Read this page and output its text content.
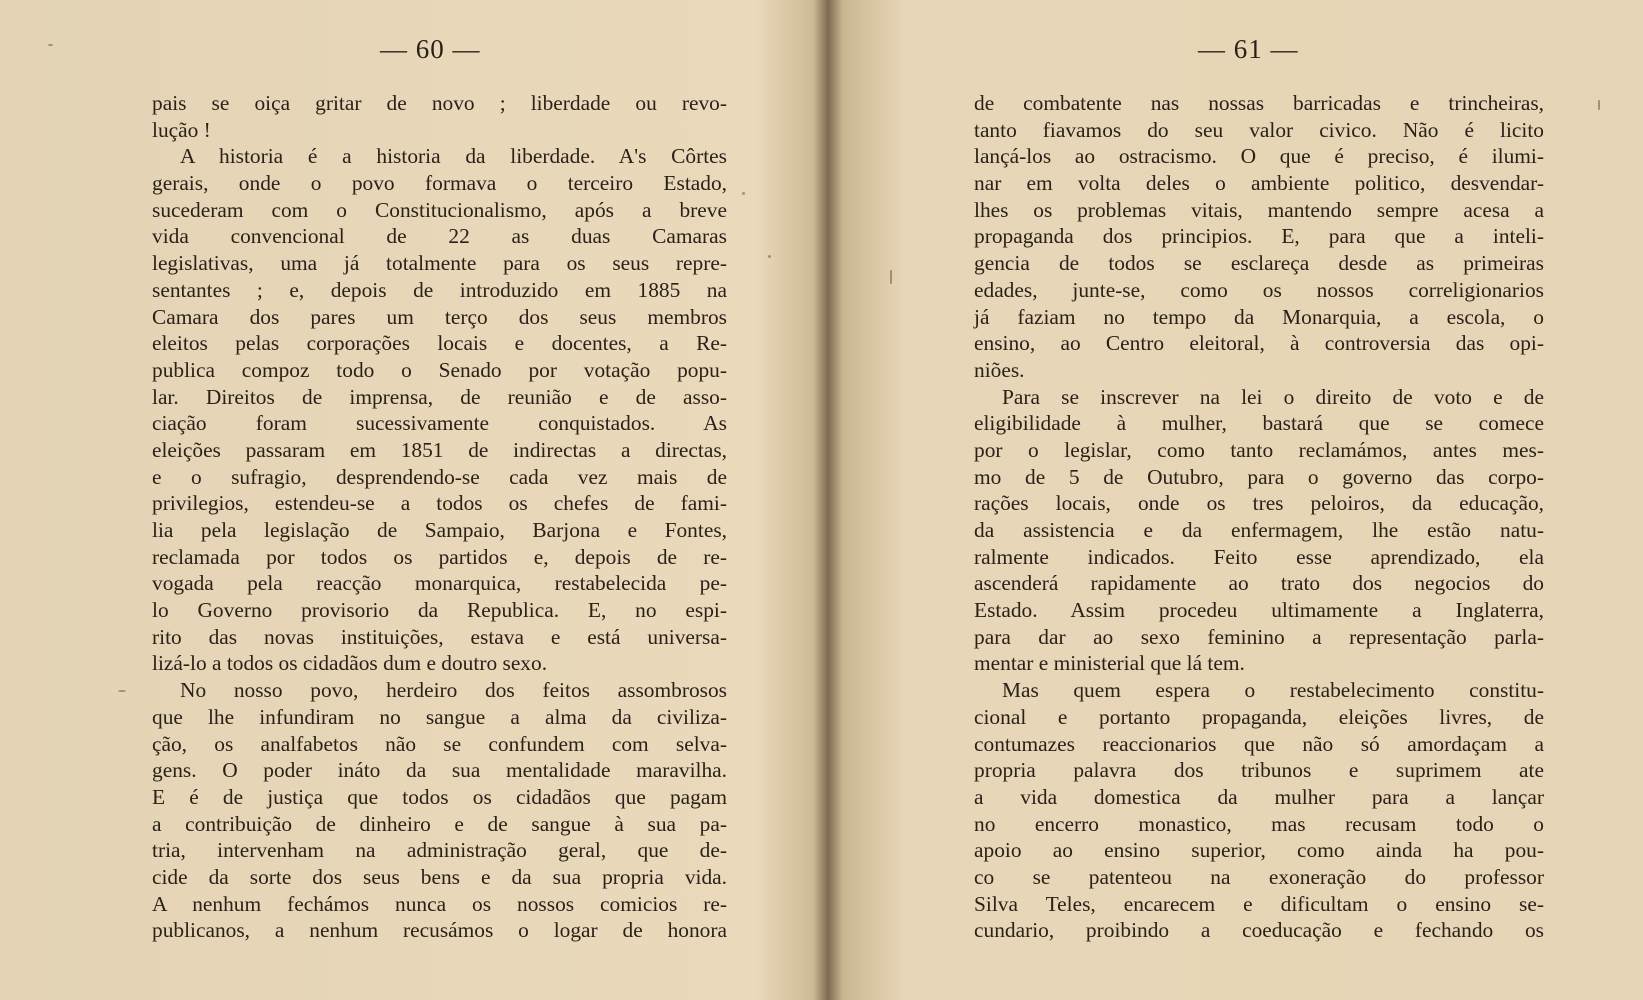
— 60 —
pais se oiça gritar de novo ; liberdade ou revo-
lução !
A historia é a historia da liberdade. A's Côrtes
gerais, onde o povo formava o terceiro Estado,
sucederam com o Constitucionalismo, após a breve
vida convencional de 22 as duas Camaras
legislativas, uma já totalmente para os seus repre-
sentantes ; e, depois de introduzido em 1885 na
Camara dos pares um terço dos seus membros
eleitos pelas corporações locais e docentes, a Re-
publica compoz todo o Senado por votação popu-
lar. Direitos de imprensa, de reunião e de asso-
ciação foram sucessivamente conquistados. As
eleições passaram em 1851 de indirectas a directas,
e o sufragio, desprendendo-se cada vez mais de
privilegios, estendeu-se a todos os chefes de fami-
lia pela legislação de Sampaio, Barjona e Fontes,
reclamada por todos os partidos e, depois de re-
vogada pela reacção monarquica, restabelecida pe-
lo Governo provisorio da Republica. E, no espi-
rito das novas instituições, estava e está universa-
lizá-lo a todos os cidadãos dum e doutro sexo.
No nosso povo, herdeiro dos feitos assombrosos
que lhe infundiram no sangue a alma da civiliza-
ção, os analfabetos não se confundem com selva-
gens. O poder ináto da sua mentalidade maravilha.
E é de justiça que todos os cidadãos que pagam
a contribuição de dinheiro e de sangue à sua pa-
tria, intervenham na administração geral, que de-
cide da sorte dos seus bens e da sua propria vida.
A nenhum fechámos nunca os nossos comicios re-
publicanos, a nenhum recusámos o logar de honora
— 61 —
de combatente nas nossas barricadas e trincheiras,
tanto fiavamos do seu valor civico. Não é licito
lançá-los ao ostracismo. O que é preciso, é ilumi-
nar em volta deles o ambiente politico, desvendar-
lhes os problemas vitais, mantendo sempre acesa a
propaganda dos principios. E, para que a inteli-
gencia de todos se esclareça desde as primeiras
edades, junte-se, como os nossos correligionarios
já faziam no tempo da Monarquia, a escola, o
ensino, ao Centro eleitoral, à controversia das opi-
niões.
Para se inscrever na lei o direito de voto e de
eligibilidade à mulher, bastará que se comece
por o legislar, como tanto reclamámos, antes mes-
mo de 5 de Outubro, para o governo das corpo-
rações locais, onde os tres peloiros, da educação,
da assistencia e da enfermagem, lhe estão natu-
ralmente indicados. Feito esse aprendizado, ela
ascenderá rapidamente ao trato dos negocios do
Estado. Assim procedeu ultimamente a Inglaterra,
para dar ao sexo feminino a representação parla-
mentar e ministerial que lá tem.
Mas quem espera o restabelecimento constitu-
cional e portanto propaganda, eleições livres, de
contumazes reaccionarios que não só amordaçam a
propria palavra dos tribunos e suprimem ate
a vida domestica da mulher para a lançar
no encerro monastico, mas recusam todo o
apoio ao ensino superior, como ainda ha pou-
co se patenteou na exoneração do professor
Silva Teles, encarecem e dificultam o ensino se-
cundario, proibindo a coeducação e fechando os
